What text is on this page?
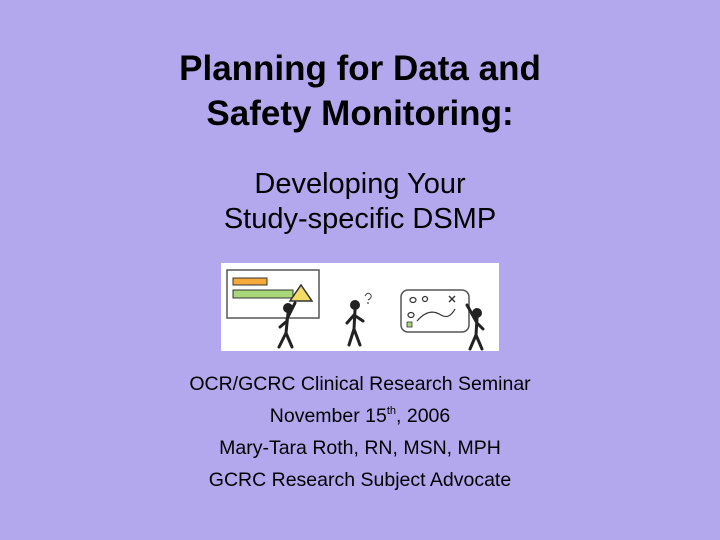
Planning for Data and
Safety Monitoring:
Developing Your
Study-specific DSMP
OCR/GCRC Clinical Research Seminar
November 15th, 2006
Mary-Tara Roth, RN, MSN, MPH
GCRC Research Subject Advocate
